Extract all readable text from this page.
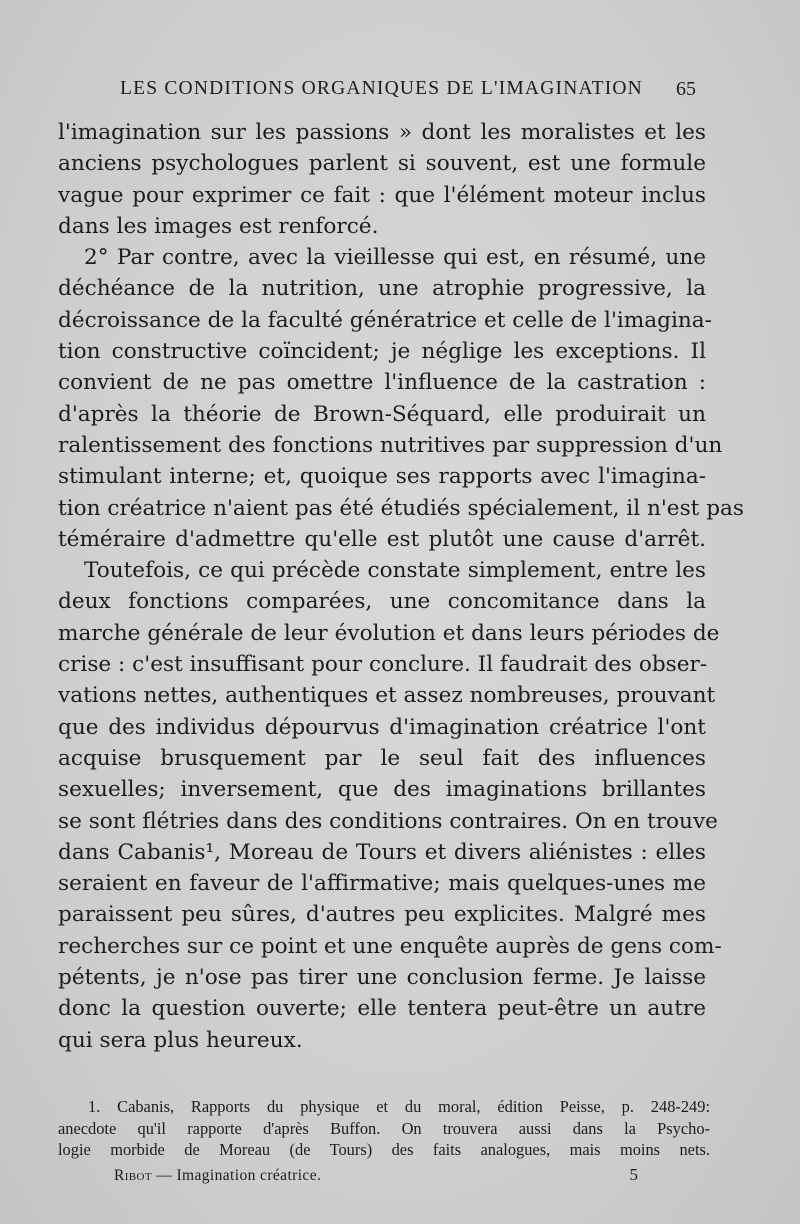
LES CONDITIONS ORGANIQUES DE L'IMAGINATION 65
l'imagination sur les passions » dont les moralistes et les
anciens psychologues parlent si souvent, est une formule
vague pour exprimer ce fait : que l'élément moteur inclus
dans les images est renforcé.
2° Par contre, avec la vieillesse qui est, en résumé, une
déchéance de la nutrition, une atrophie progressive, la
décroissance de la faculté génératrice et celle de l'imagina-
tion constructive coïncident; je néglige les exceptions. Il
convient de ne pas omettre l'influence de la castration :
d'après la théorie de Brown-Séquard, elle produirait un
ralentissement des fonctions nutritives par suppression d'un
stimulant interne; et, quoique ses rapports avec l'imagina-
tion créatrice n'aient pas été étudiés spécialement, il n'est pas
téméraire d'admettre qu'elle est plutôt une cause d'arrêt.
Toutefois, ce qui précède constate simplement, entre les
deux fonctions comparées, une concomitance dans la
marche générale de leur évolution et dans leurs périodes de
crise : c'est insuffisant pour conclure. Il faudrait des obser-
vations nettes, authentiques et assez nombreuses, prouvant
que des individus dépourvus d'imagination créatrice l'ont
acquise brusquement par le seul fait des influences
sexuelles; inversement, que des imaginations brillantes
se sont flétries dans des conditions contraires. On en trouve
dans Cabanis¹, Moreau de Tours et divers aliénistes : elles
seraient en faveur de l'affirmative; mais quelques-unes me
paraissent peu sûres, d'autres peu explicites. Malgré mes
recherches sur ce point et une enquête auprès de gens com-
pétents, je n'ose pas tirer une conclusion ferme. Je laisse
donc la question ouverte; elle tentera peut-être un autre
qui sera plus heureux.
1. Cabanis, Rapports du physique et du moral, édition Peisse, p. 248-249:
anecdote qu'il rapporte d'après Buffon. On trouvera aussi dans la Psycho-
logie morbide de Moreau (de Tours) des faits analogues, mais moins nets.
Ribot — Imagination créatrice.	5
